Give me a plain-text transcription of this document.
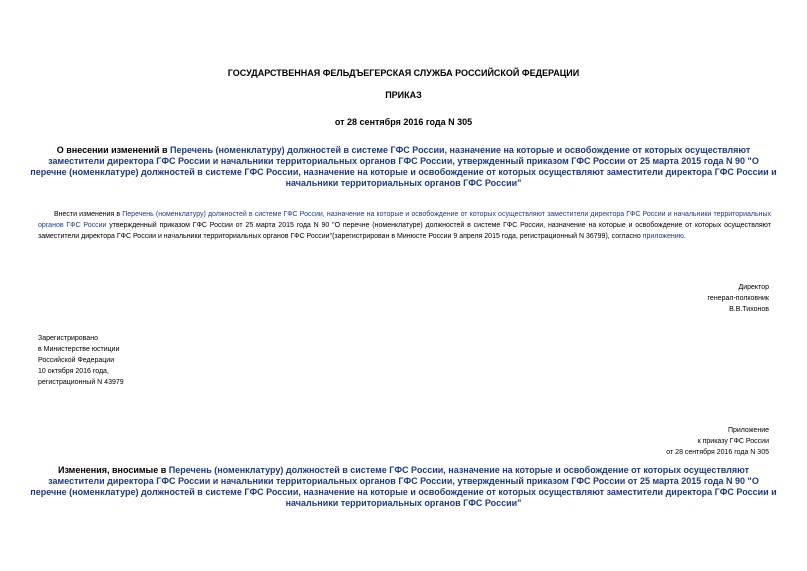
ГОСУДАРСТВЕННАЯ ФЕЛЬДЪЕГЕРСКАЯ СЛУЖБА РОССИЙСКОЙ ФЕДЕРАЦИИ
ПРИКАЗ
от 28 сентября 2016 года N 305
О внесении изменений в Перечень (номенклатуру) должностей в системе ГФС России, назначение на которые и освобождение от которых осуществляют заместители директора ГФС России и начальники территориальных органов ГФС России, утвержденный приказом ГФС России от 25 марта 2015 года N 90 "О перечне (номенклатуре) должностей в системе ГФС России, назначение на которые и освобождение от которых осуществляют заместители директора ГФС России и начальники территориальных органов ГФС России"
Внести изменения в Перечень (номенклатуру) должностей в системе ГФС России, назначение на которые и освобождение от которых осуществляют заместители директора ГФС России и начальники территориальных органов ГФС России утвержденный приказом ГФС России от 25 марта 2015 года N 90 "О перечне (номенклатуре) должностей в системе ГФС России, назначение на которые и освобождение от которых осуществляют заместители директора ГФС России и начальники территориальных органов ГФС России"(зарегистрирован в Минюсте России 9 апреля 2015 года, регистрационный N 36799), согласно приложению.
Директор
генерал-полковник
В.В.Тихонов
Зарегистрировано
в Министерстве юстиции
Российской Федерации
10 октября 2016 года,
регистрационный N 43979
Приложение
к приказу ГФС России
от 28 сентября 2016 года N 305
Изменения, вносимые в Перечень (номенклатуру) должностей в системе ГФС России, назначение на которые и освобождение от которых осуществляют заместители директора ГФС России и начальники территориальных органов ГФС России, утвержденный приказом ГФС России от 25 марта 2015 года N 90 "О перечне (номенклатуре) должностей в системе ГФС России, назначение на которые и освобождение от которых осуществляют заместители директора ГФС России и начальники территориальных органов ГФС России"
